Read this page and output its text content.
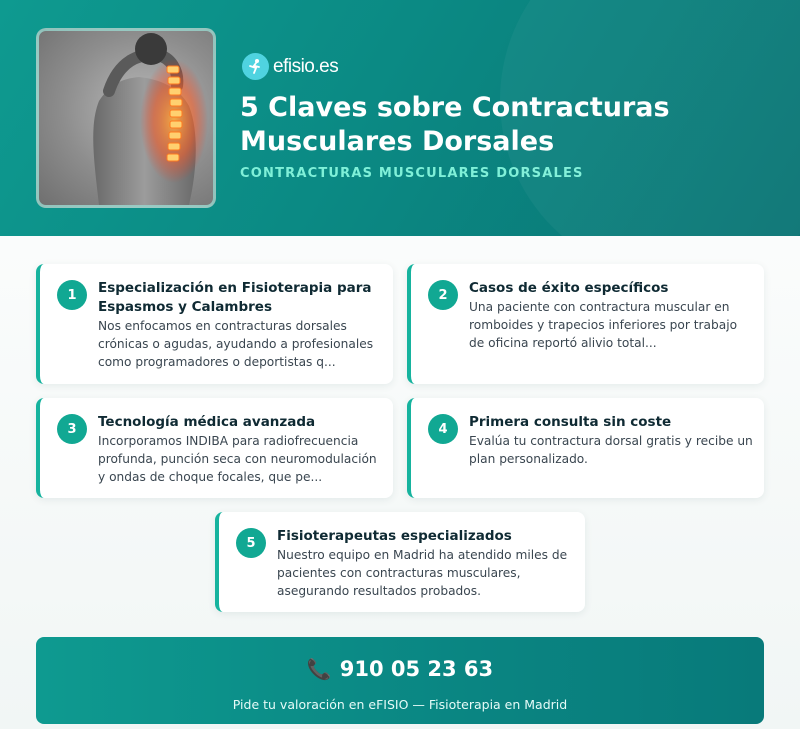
efisio.es
5 Claves sobre Contracturas Musculares Dorsales
CONTRACTURAS MUSCULARES DORSALES
1	Especialización en Fisioterapia para Espasmos y Calambres
Nos enfocamos en contracturas dorsales crónicas o agudas, ayudando a profesionales como programadores o deportistas q...
2	Casos de éxito específicos
Una paciente con contractura muscular en romboides y trapecios inferiores por trabajo de oficina reportó alivio total...
3	Tecnología médica avanzada
Incorporamos INDIBA para radiofrecuencia profunda, punción seca con neuromodulación y ondas de choque focales, que pe...
4	Primera consulta sin coste
Evalúa tu contractura dorsal gratis y recibe un plan personalizado.
5	Fisioterapeutas especializados
Nuestro equipo en Madrid ha atendido miles de pacientes con contracturas musculares, asegurando resultados probados.
📞 910 05 23 63
Pide tu valoración en eFISIO — Fisioterapia en Madrid
